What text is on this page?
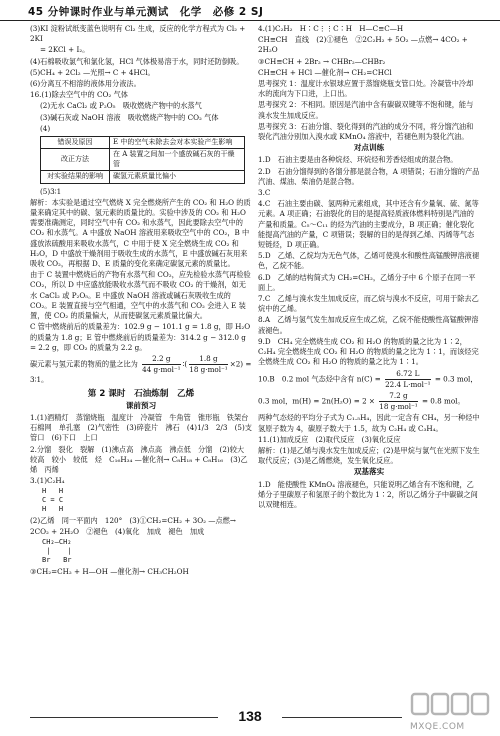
45 分钟课时作业与单元测试　化学　必修 2 SJ

(3)KI 淀粉试纸变蓝色说明有 Cl₂ 生成，反应的化学方程式为 Cl₂ + 2KI

= 2KCl + I₂。

(4)石棉吸收氯气和氯化氢，HCl 气体极易溶于水，同时还防倒吸。

(5)CH₄ + 2Cl₂ —光照→ C + 4HCl。

(6)分离互不相溶的液体用分液法。

16.(1)除去空气中的 CO₂ 气体

(2)无水 CaCl₂ 或 P₂O₅　吸收燃烧产物中的水蒸气

(3)碱石灰或 NaOH 溶液　吸收燃烧产物中的 CO₂ 气体

(4)

错误及原因	E 中的空气未除去会对本实验产生影响
改正方法	在 A 装置之间加一个盛放碱石灰的干燥管
对实验结果的影响	碳氢元素质量比偏小

(5)3∶1

解析：本实验是通过空气燃烧 X 完全燃烧所产生的 CO₂ 和 H₂O 的质量来确定其中的碳、氢元素的质量比的。实验中涉及的 CO₂ 和 H₂O 需要准确测定，同时空气中有 CO₂ 和水蒸气，因此要除去空气中的 CO₂ 和水蒸气。A 中盛放 NaOH 溶液用来吸收空气中的 CO₂，B 中盛放浓硫酸用来吸收水蒸气，C 中用于使 X 完全燃烧生成 CO₂ 和 H₂O，D 中盛放干燥剂用于吸收生成的水蒸气，E 中盛放碱石灰用来吸收 CO₂，再根据 D、E 质量的变化来确定碳氢元素的质量比。

由于 C 装置中燃烧后的产物有水蒸气和 CO₂，应先检验水蒸气再检验 CO₂，所以 D 中应盛放能吸收水蒸气而不吸收 CO₂ 的干燥剂，如无水 CaCl₂ 或 P₂O₅。E 中盛放 NaOH 溶液或碱石灰吸收生成的 CO₂。E 装置直接与空气相通，空气中的水蒸气和 CO₂ 会进入 E 装置，使 CO₂ 的质量偏大，从而使碳氢元素质量比偏大。

C 管中燃烧前后的质量差为：102.9 g − 101.1 g = 1.8 g，即 H₂O 的质量为 1.8 g；E 管中燃烧前后的质量差为：314.2 g − 312.0 g = 2.2 g，即 CO₂ 的质量为 2.2 g。

碳元素与氢元素的物质的量之比为 $\frac{2.2 g}{\text{44 g·mol⁻¹}}$ ∶( $\frac{1.8 g}{\text{18 g·mol⁻¹}} \times 2$) = 3∶1。

第 2 课时　石油炼制　乙烯
课前预习

1.(1)酒精灯　蒸馏烧瓶　温度计　冷凝管　牛角管　锥形瓶　铁架台　石棉网　单孔塞　(2)气密性　(3)碎瓷片　沸石　(4)1/3　2/3　(5)支管口　(6)下口　上口

2.分馏　裂化　裂解　(1)沸点高　沸点高　沸点低　分馏　(2)较大　较高　较小　较低　烃　C₁₆H₃₄ —催化剂→ C₈H₁₈ + C₈H₁₆　(3)乙烯　丙烯

3.(1)C₂H₄

H   H
C = C
H   H

(2)乙烯　同一平面内　120°　(3)①CH₂=CH₂ + 3O₂ —点燃→ 2CO₂ + 2H₂O　②褪色　(4)氧化　加成　褪色　加成

CH₂—CH₂
|    |
Br   Br

③CH₂=CH₂ + H—OH —催化剂→ CH₃CH₂OH

4.(1)C₂H₂　H∶C⋮⋮C∶H　H—C≡C—H

CH≡CH　直线　(2)①褪色　②2C₂H₂ + 5O₂ —点燃→ 4CO₂ + 2H₂O

③CH≡CH + 2Br₂ → CHBr₂—CHBr₂

CH≡CH + HCl —催化剂→ CH₂=CHCl

思考探究 1：温度计水银球应置于蒸馏烧瓶支管口处。冷凝管中冷却水的流向为下口进，上口出。

思考探究 2：不相同。原因是汽油中含有碳碳双键等不饱和键，能与溴水发生加成反应。

思考探究 3：石油分馏、裂化得到的汽油的成分不同，将分馏汽油和裂化汽油分别加入溴水或 KMnO₄ 溶液中，若褪色则为裂化汽油。

对点训练

1.D　石油主要是由各种烷烃、环烷烃和芳香烃组成的混合物。

2.D　石油分馏得到的各馏分都是混合物，A 项错误；石油分馏的产品汽油、煤油、柴油仍是混合物。

3.C

4.C　石油主要由碳、氢两种元素组成，其中还含有少量氧、硫、氮等元素。A 项正确；石油裂化的目的是提高轻质液体燃料特别是汽油的产量和质量。C₅～C₁₁ 的烃为汽油的主要成分，B 项正确；催化裂化能提高汽油的产量，C 项错误；裂解的目的是得到乙烯、丙烯等气态短链烃，D 项正确。

5.D　乙烯、乙烷均为无色气体，乙烯可使溴水和酸性高锰酸钾溶液褪色，乙烷不能。

6.D　乙烯的结构简式为 CH₂=CH₂，乙烯分子中 6 个原子在同一平面上。

7.C　乙烯与溴水发生加成反应，而乙烷与溴水不反应，可用于除去乙烷中的乙烯。

8.A　乙烯与氢气发生加成反应生成乙烷，乙烷不能使酸性高锰酸钾溶液褪色。

9.D　CH₄ 完全燃烧生成 CO₂ 和 H₂O 的物质的量之比为 1∶2，C₂H₄ 完全燃烧生成 CO₂ 和 H₂O 的物质的量之比为 1∶1，而该烃完全燃烧生成 CO₂ 和 H₂O 的物质的量之比为 1∶1。

10.B　0.2 mol 气态烃中含有 $n(C) = \frac{6.72 L}{\text{22.4 L·mol⁻¹}} = 0.3$ mol，

0.3 mol，$m(H) = 2n(H_2O) = 2 \times \frac{7.2 g}{\text{18 g·mol⁻¹}} = 0.8$ mol。

两种气态烃的平均分子式为 C₁.₅H₄，因此一定含有 CH₄，另一种烃中氢原子数为 4，碳原子数大于 1.5，故为 C₂H₄ 或 C₃H₄。

11.(1)加成反应　(2)取代反应　(3)氧化反应

解析：(1)是乙烯与溴水发生加成反应；(2)是甲烷与氯气在光照下发生取代反应；(3)是乙烯燃烧，发生氧化反应。

双基落实

1.D　能使酸性 KMnO₄ 溶液褪色，只能说明乙烯含有不饱和键，乙烯分子里碳原子和氢原子的个数比为 1∶2，所以乙烯分子中碳碳之间以双键相连。

138
MXQE.COM
